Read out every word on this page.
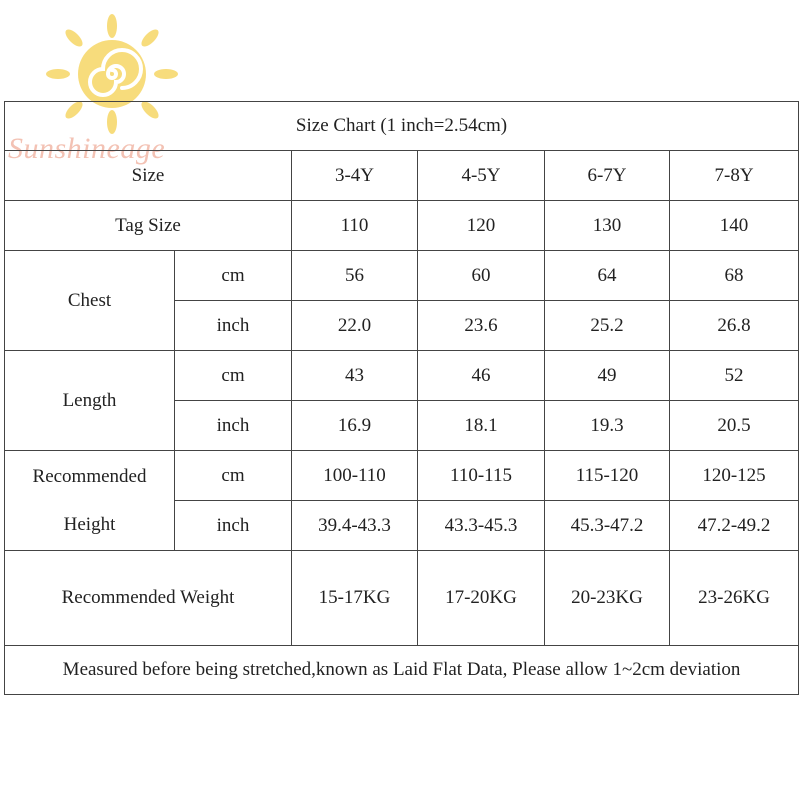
Sunshineage
Size Chart (1 inch=2.54cm)					
Size		3-4Y	4-5Y	6-7Y	7-8Y
Tag Size		110	120	130	140
Chest	cm	56	60	64	68
	inch	22.0	23.6	25.2	26.8
Length	cm	43	46	49	52
	inch	16.9	18.1	19.3	20.5

Recommended
Height	cm	100-110	110-115	115-120	120-125
	inch	39.4-43.3	43.3-45.3	45.3-47.2	47.2-49.2
Recommended Weight		15-17KG	17-20KG	20-23KG	23-26KG
Measured before being stretched,known as Laid Flat Data, Please allow 1~2cm deviation					
